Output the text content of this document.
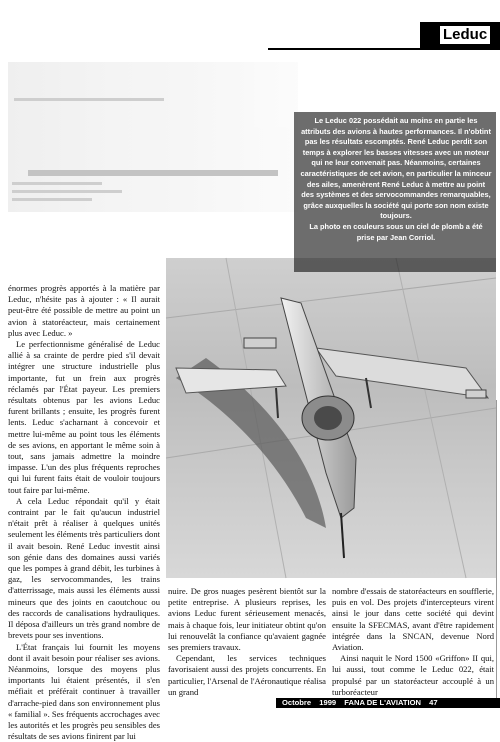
Leduc
Le Leduc 022 possédait au moins en partie les attributs des avions à hautes performances. Il n'obtint pas les résultats escomptés. René Leduc perdit son temps à explorer les basses vitesses avec un moteur qui ne leur convenait pas. Néanmoins, certaines caractéristiques de cet avion, en particulier la minceur des ailes, amenèrent René Leduc à mettre au point des systèmes et des servocommandes remarquables, grâce auxquelles la société qui porte son nom existe toujours.
La photo en couleurs sous un ciel de plomb a été prise par Jean Corriol.

énormes progrès apportés à la matière par Leduc, n'hésite pas à ajouter : « Il aurait peut-être été possible de mettre au point un avion à statoréacteur, mais certainement plus avec Leduc. »

Le perfectionnisme généralisé de Leduc allié à sa crainte de perdre pied s'il devait intégrer une structure industrielle plus importante, fut un frein aux progrès réclamés par l'État payeur. Les premiers résultats obtenus par les avions Leduc furent brillants ; ensuite, les progrès furent lents. Leduc s'acharnant à concevoir et mettre lui-même au point tous les éléments de ses avions, en apportant le même soin à tout, sans jamais admettre la moindre impasse. L'un des plus fréquents reproches qui lui furent faits était de vouloir toujours tout faire par lui-même.

A cela Leduc répondait qu'il y était contraint par le fait qu'aucun industriel n'était prêt à réaliser à quelques unités seulement les éléments très particuliers dont il avait besoin. René Leduc investit ainsi son génie dans des domaines aussi variés que les pompes à grand débit, les turbines à gaz, les servocommandes, les trains d'atterrissage, mais aussi les éléments aussi mineurs que des joints en caoutchouc ou des raccords de canalisations hydrauliques. Il déposa d'ailleurs un très grand nombre de brevets pour ses inventions.

L'État français lui fournit les moyens dont il avait besoin pour réaliser ses avions. Néanmoins, lorsque des moyens plus importants lui étaient présentés, il s'en méfiait et préférait continuer à travailler d'arrache-pied dans son environnement plus « familial ». Ses fréquents accrochages avec les autorités et les progrès peu sensibles des résultats de ses avions finirent par lui

nuire. De gros nuages pesèrent bientôt sur la petite entreprise. A plusieurs reprises, les avions Leduc furent sérieusement menacés, mais à chaque fois, leur initiateur obtint qu'on lui renouvelât la confiance qu'avaient gagnée ses premiers travaux.

Cependant, les services techniques favorisaient aussi des projets concurrents. En particulier, l'Arsenal de l'Aéronautique réalisa un grand

nombre d'essais de statoréacteurs en soufflerie, puis en vol. Des projets d'intercepteurs virent ainsi le jour dans cette société qui devint ensuite la SFECMAS, avant d'être rapidement intégrée dans la SNCAN, devenue Nord Aviation.

Ainsi naquit le Nord 1500 «Griffon» II qui, lui aussi, tout comme le Leduc 022, était propulsé par un statoréacteur accouplé à un turboréacteur

Octobre 1999 FANA DE L'AVIATION 47
